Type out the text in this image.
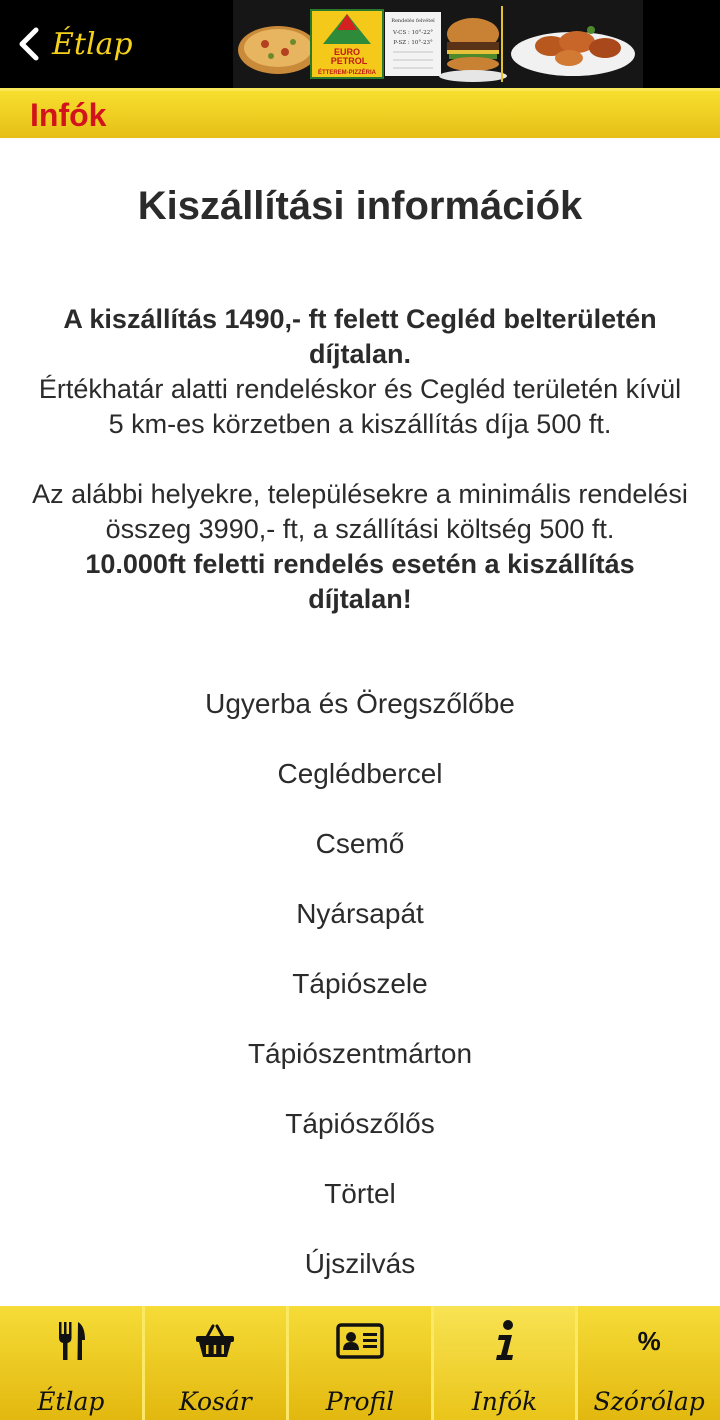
Étlap	EURO
PETROL
ÉTTEREM-PIZZÉRIA
Rendelés felvétel
V-CS : 10°-22°
P-SZ : 10°-23°
Infók
Kiszállítási információk
A kiszállítás 1490,- ft felett Cegléd belterületén díjtalan.
Értékhatár alatti rendeléskor és Cegléd területén kívül 5 km-es körzetben a kiszállítás díja 500 ft.

Az alábbi helyekre, településekre a minimális rendelési összeg 3990,- ft, a szállítási költség 500 ft.
10.000ft feletti rendelés esetén a kiszállítás díjtalan!
Ugyerba és Öregszőlőbe
Ceglédbercel
Csemő
Nyársapát
Tápiószele
Tápiószentmárton
Tápiószőlős
Törtel
Újszilvás
Étlap	Kosár	Profil	Infók
%
Szórólap
